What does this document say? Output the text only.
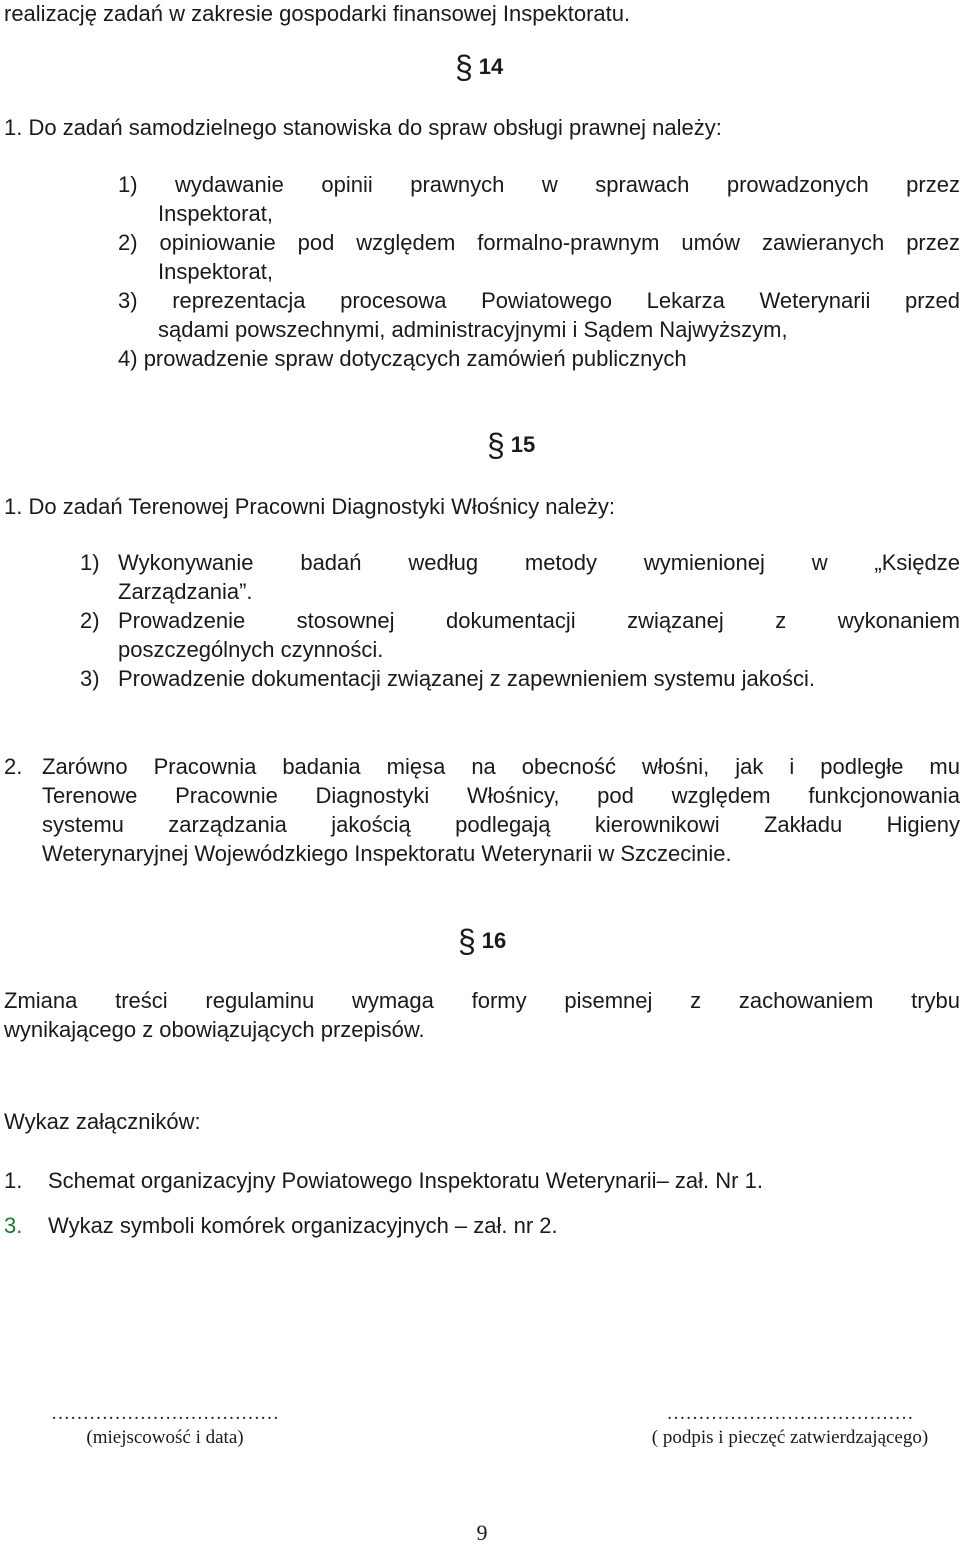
realizację zadań w zakresie gospodarki finansowej Inspektoratu.
§ 14
1. Do zadań samodzielnego stanowiska do spraw obsługi prawnej należy:
1) wydawanie opinii prawnych w sprawach prowadzonych przez
Inspektorat,
2) opiniowanie pod względem formalno-prawnym umów zawieranych przez
Inspektorat,
3) reprezentacja procesowa Powiatowego Lekarza Weterynarii przed
sądami powszechnymi, administracyjnymi i Sądem Najwyższym,
4) prowadzenie spraw dotyczących zamówień publicznych
§ 15
1. Do zadań Terenowej Pracowni Diagnostyki Włośnicy należy:
1) Wykonywanie badań według metody wymienionej w „Księdze
Zarządzania”.
2) Prowadzenie stosownej dokumentacji związanej z wykonaniem
poszczególnych czynności.
3) Prowadzenie dokumentacji związanej z zapewnieniem systemu jakości.
2. Zarówno Pracownia badania mięsa na obecność włośni, jak i podległe mu
Terenowe Pracownie Diagnostyki Włośnicy, pod względem funkcjonowania
systemu zarządzania jakością podlegają kierownikowi Zakładu Higieny
Weterynaryjnej Wojewódzkiego Inspektoratu Weterynarii w Szczecinie.
§ 16
Zmiana treści regulaminu wymaga formy pisemnej z zachowaniem trybu
wynikającego z obowiązujących przepisów.
Wykaz załączników:
1. Schemat organizacyjny Powiatowego Inspektoratu Weterynarii– zał. Nr 1.
3. Wykaz symboli komórek organizacyjnych – zał. nr 2.
………………………………
(miejscowość i data)
…………………………………
( podpis i pieczęć zatwierdzającego)
9
